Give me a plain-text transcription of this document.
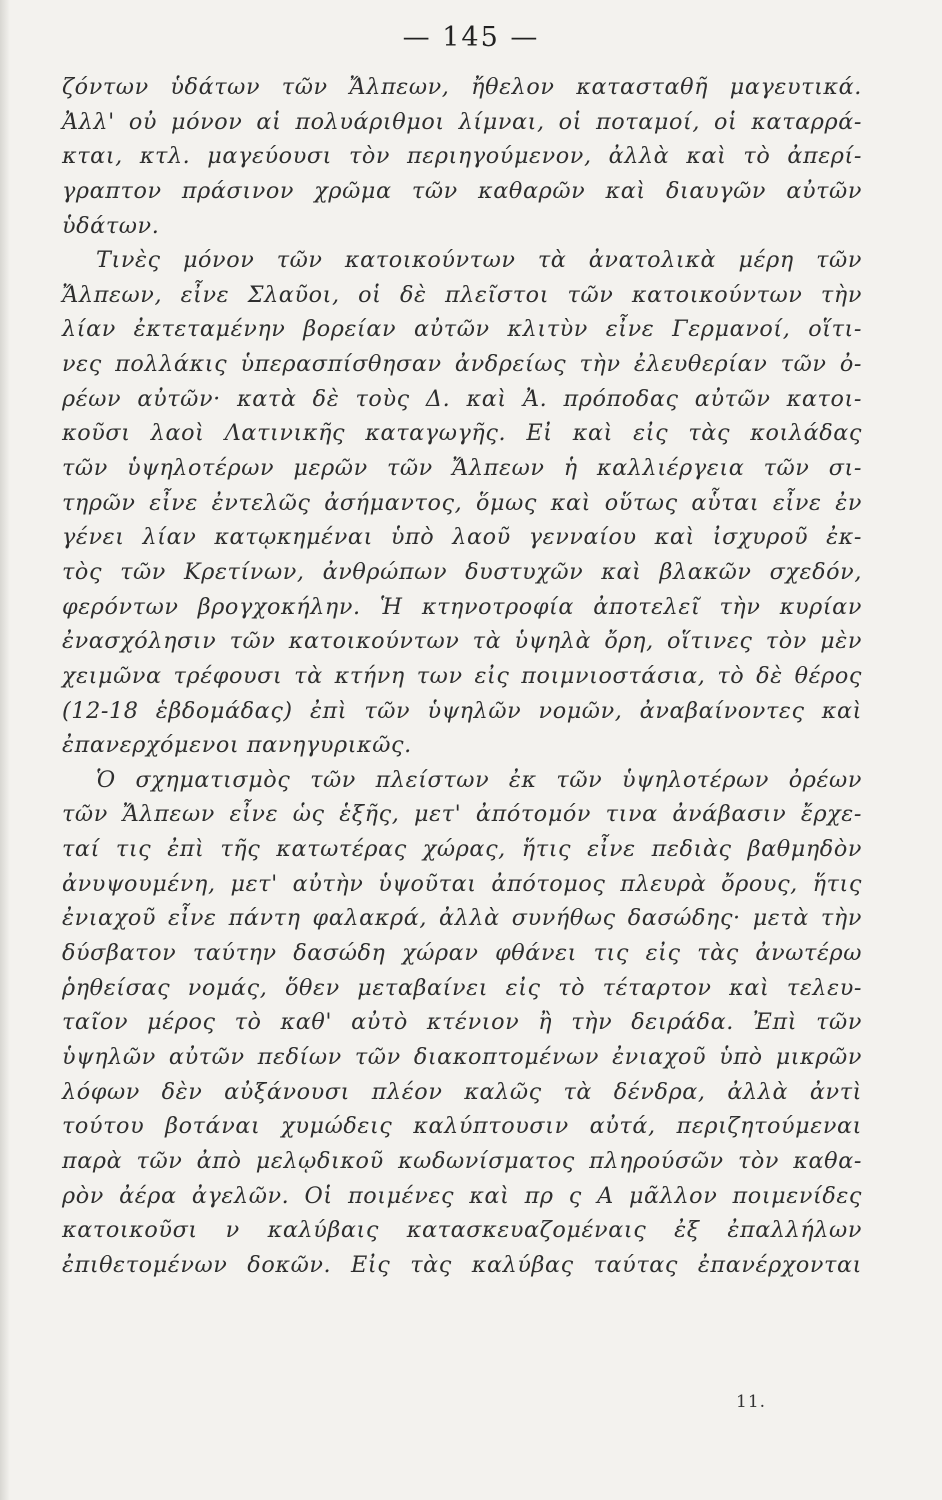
— 145 —
ζόντων ὑδάτων τῶν Ἄλπεων, ἤθελον κατασταθῆ μαγευτικά.
Ἀλλ' οὐ μόνον αἱ πολυάριθμοι λίμναι, οἱ ποταμοί, οἱ καταρρά-
κται, κτλ. μαγεύουσι τὸν περιηγούμενον, ἀλλὰ καὶ τὸ ἀπερί-
γραπτον πράσινον χρῶμα τῶν καθαρῶν καὶ διαυγῶν αὐτῶν
ὑδάτων.
Τινὲς μόνον τῶν κατοικούντων τὰ ἀνατολικὰ μέρη τῶν
Ἄλπεων, εἶνε Σλαῦοι, οἱ δὲ πλεῖστοι τῶν κατοικούντων τὴν
λίαν ἐκτεταμένην βορείαν αὐτῶν κλιτὺν εἶνε Γερμανοί, οἵτι-
νες πολλάκις ὑπερασπίσθησαν ἀνδρείως τὴν ἐλευθερίαν τῶν ὀ-
ρέων αὐτῶν· κατὰ δὲ τοὺς Δ. καὶ Ἀ. πρόποδας αὐτῶν κατοι-
κοῦσι λαοὶ Λατινικῆς καταγωγῆς. Εἰ καὶ εἰς τὰς κοιλάδας
τῶν ὑψηλοτέρων μερῶν τῶν Ἄλπεων ἡ καλλιέργεια τῶν σι-
τηρῶν εἶνε ἐντελῶς ἀσήμαντος, ὅμως καὶ οὕτως αὗται εἶνε ἐν
γένει λίαν κατῳκημέναι ὑπὸ λαοῦ γενναίου καὶ ἰσχυροῦ ἐκ-
τὸς τῶν Κρετίνων, ἀνθρώπων δυστυχῶν καὶ βλακῶν σχεδόν,
φερόντων βρογχοκήλην. Ἡ κτηνοτροφία ἀποτελεῖ τὴν κυρίαν
ἐνασχόλησιν τῶν κατοικούντων τὰ ὑψηλὰ ὄρη, οἵτινες τὸν μὲν
χειμῶνα τρέφουσι τὰ κτήνη των εἰς ποιμνιοστάσια, τὸ δὲ θέρος
(12-18 ἑβδομάδας) ἐπὶ τῶν ὑψηλῶν νομῶν, ἀναβαίνοντες καὶ
ἐπανερχόμενοι πανηγυρικῶς.
Ὁ σχηματισμὸς τῶν πλείστων ἐκ τῶν ὑψηλοτέρων ὀρέων
τῶν Ἄλπεων εἶνε ὡς ἑξῆς, μετ' ἀπότομόν τινα ἀνάβασιν ἔρχε-
ταί τις ἐπὶ τῆς κατωτέρας χώρας, ἥτις εἶνε πεδιὰς βαθμηδὸν
ἀνυψουμένη, μετ' αὐτὴν ὑψοῦται ἀπότομος πλευρὰ ὄρους, ἥτις
ἐνιαχοῦ εἶνε πάντη φαλακρά, ἀλλὰ συνήθως δασώδης· μετὰ τὴν
δύσβατον ταύτην δασώδη χώραν φθάνει τις εἰς τὰς ἀνωτέρω
ῥηθείσας νομάς, ὅθεν μεταβαίνει εἰς τὸ τέταρτον καὶ τελευ-
ταῖον μέρος τὸ καθ' αὐτὸ κτένιον ἢ τὴν δειράδα. Ἐπὶ τῶν
ὑψηλῶν αὐτῶν πεδίων τῶν διακοπτομένων ἐνιαχοῦ ὑπὸ μικρῶν
λόφων δὲν αὐξάνουσι πλέον καλῶς τὰ δένδρα, ἀλλὰ ἀντὶ
τούτου βοτάναι χυμώδεις καλύπτουσιν αὐτά, περιζητούμεναι
παρὰ τῶν ἀπὸ μελῳδικοῦ κωδωνίσματος πληρούσῶν τὸν καθα-
ρὸν ἀέρα ἀγελῶν. Οἱ ποιμένες καὶ πρ ς Α μᾶλλον ποιμενίδες
κατοικοῦσι ν καλύβαις κατασκευαζομέναις ἐξ ἐπαλλήλων
ἐπιθετομένων δοκῶν. Εἰς τὰς καλύβας ταύτας ἐπανέρχονται
11.
